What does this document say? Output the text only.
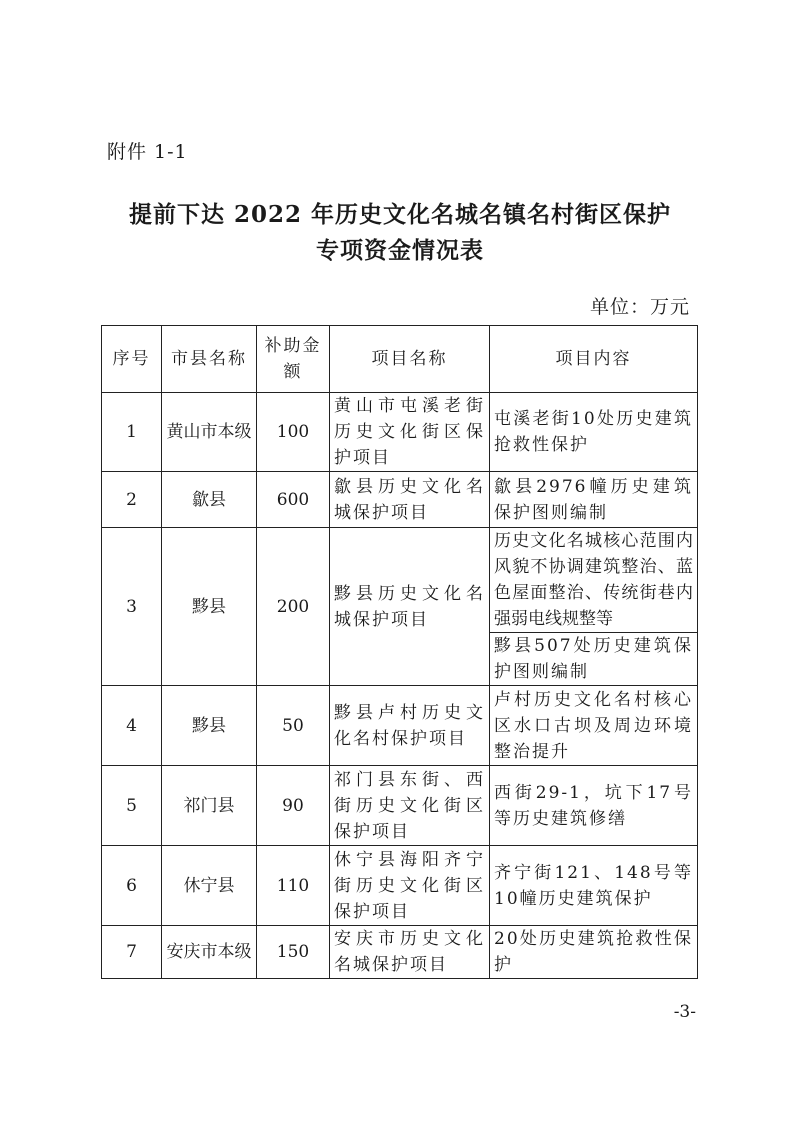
附件 1-1
提前下达 2022 年历史文化名城名镇名村街区保护
专项资金情况表
单位：万元
序号	市县名称	补助金额	项目名称	项目内容
1	黄山市本级	100	黄山市屯溪老街历史文化街区保护项目	屯溪老街10处历史建筑抢救性保护
2	歙县	600	歙县历史文化名城保护项目	歙县2976幢历史建筑保护图则编制
3	黟县	200	黟县历史文化名城保护项目	历史文化名城核心范围内风貌不协调建筑整治、蓝色屋面整治、传统街巷内强弱电线规整等
				黟县507处历史建筑保护图则编制
4	黟县	50	黟县卢村历史文化名村保护项目	卢村历史文化名村核心区水口古坝及周边环境整治提升
5	祁门县	90	祁门县东街、西街历史文化街区保护项目	西街29-1，坑下17号等历史建筑修缮
6	休宁县	110	休宁县海阳齐宁街历史文化街区保护项目	齐宁街121、148号等10幢历史建筑保护
7	安庆市本级	150	安庆市历史文化名城保护项目	20处历史建筑抢救性保护
-3-
